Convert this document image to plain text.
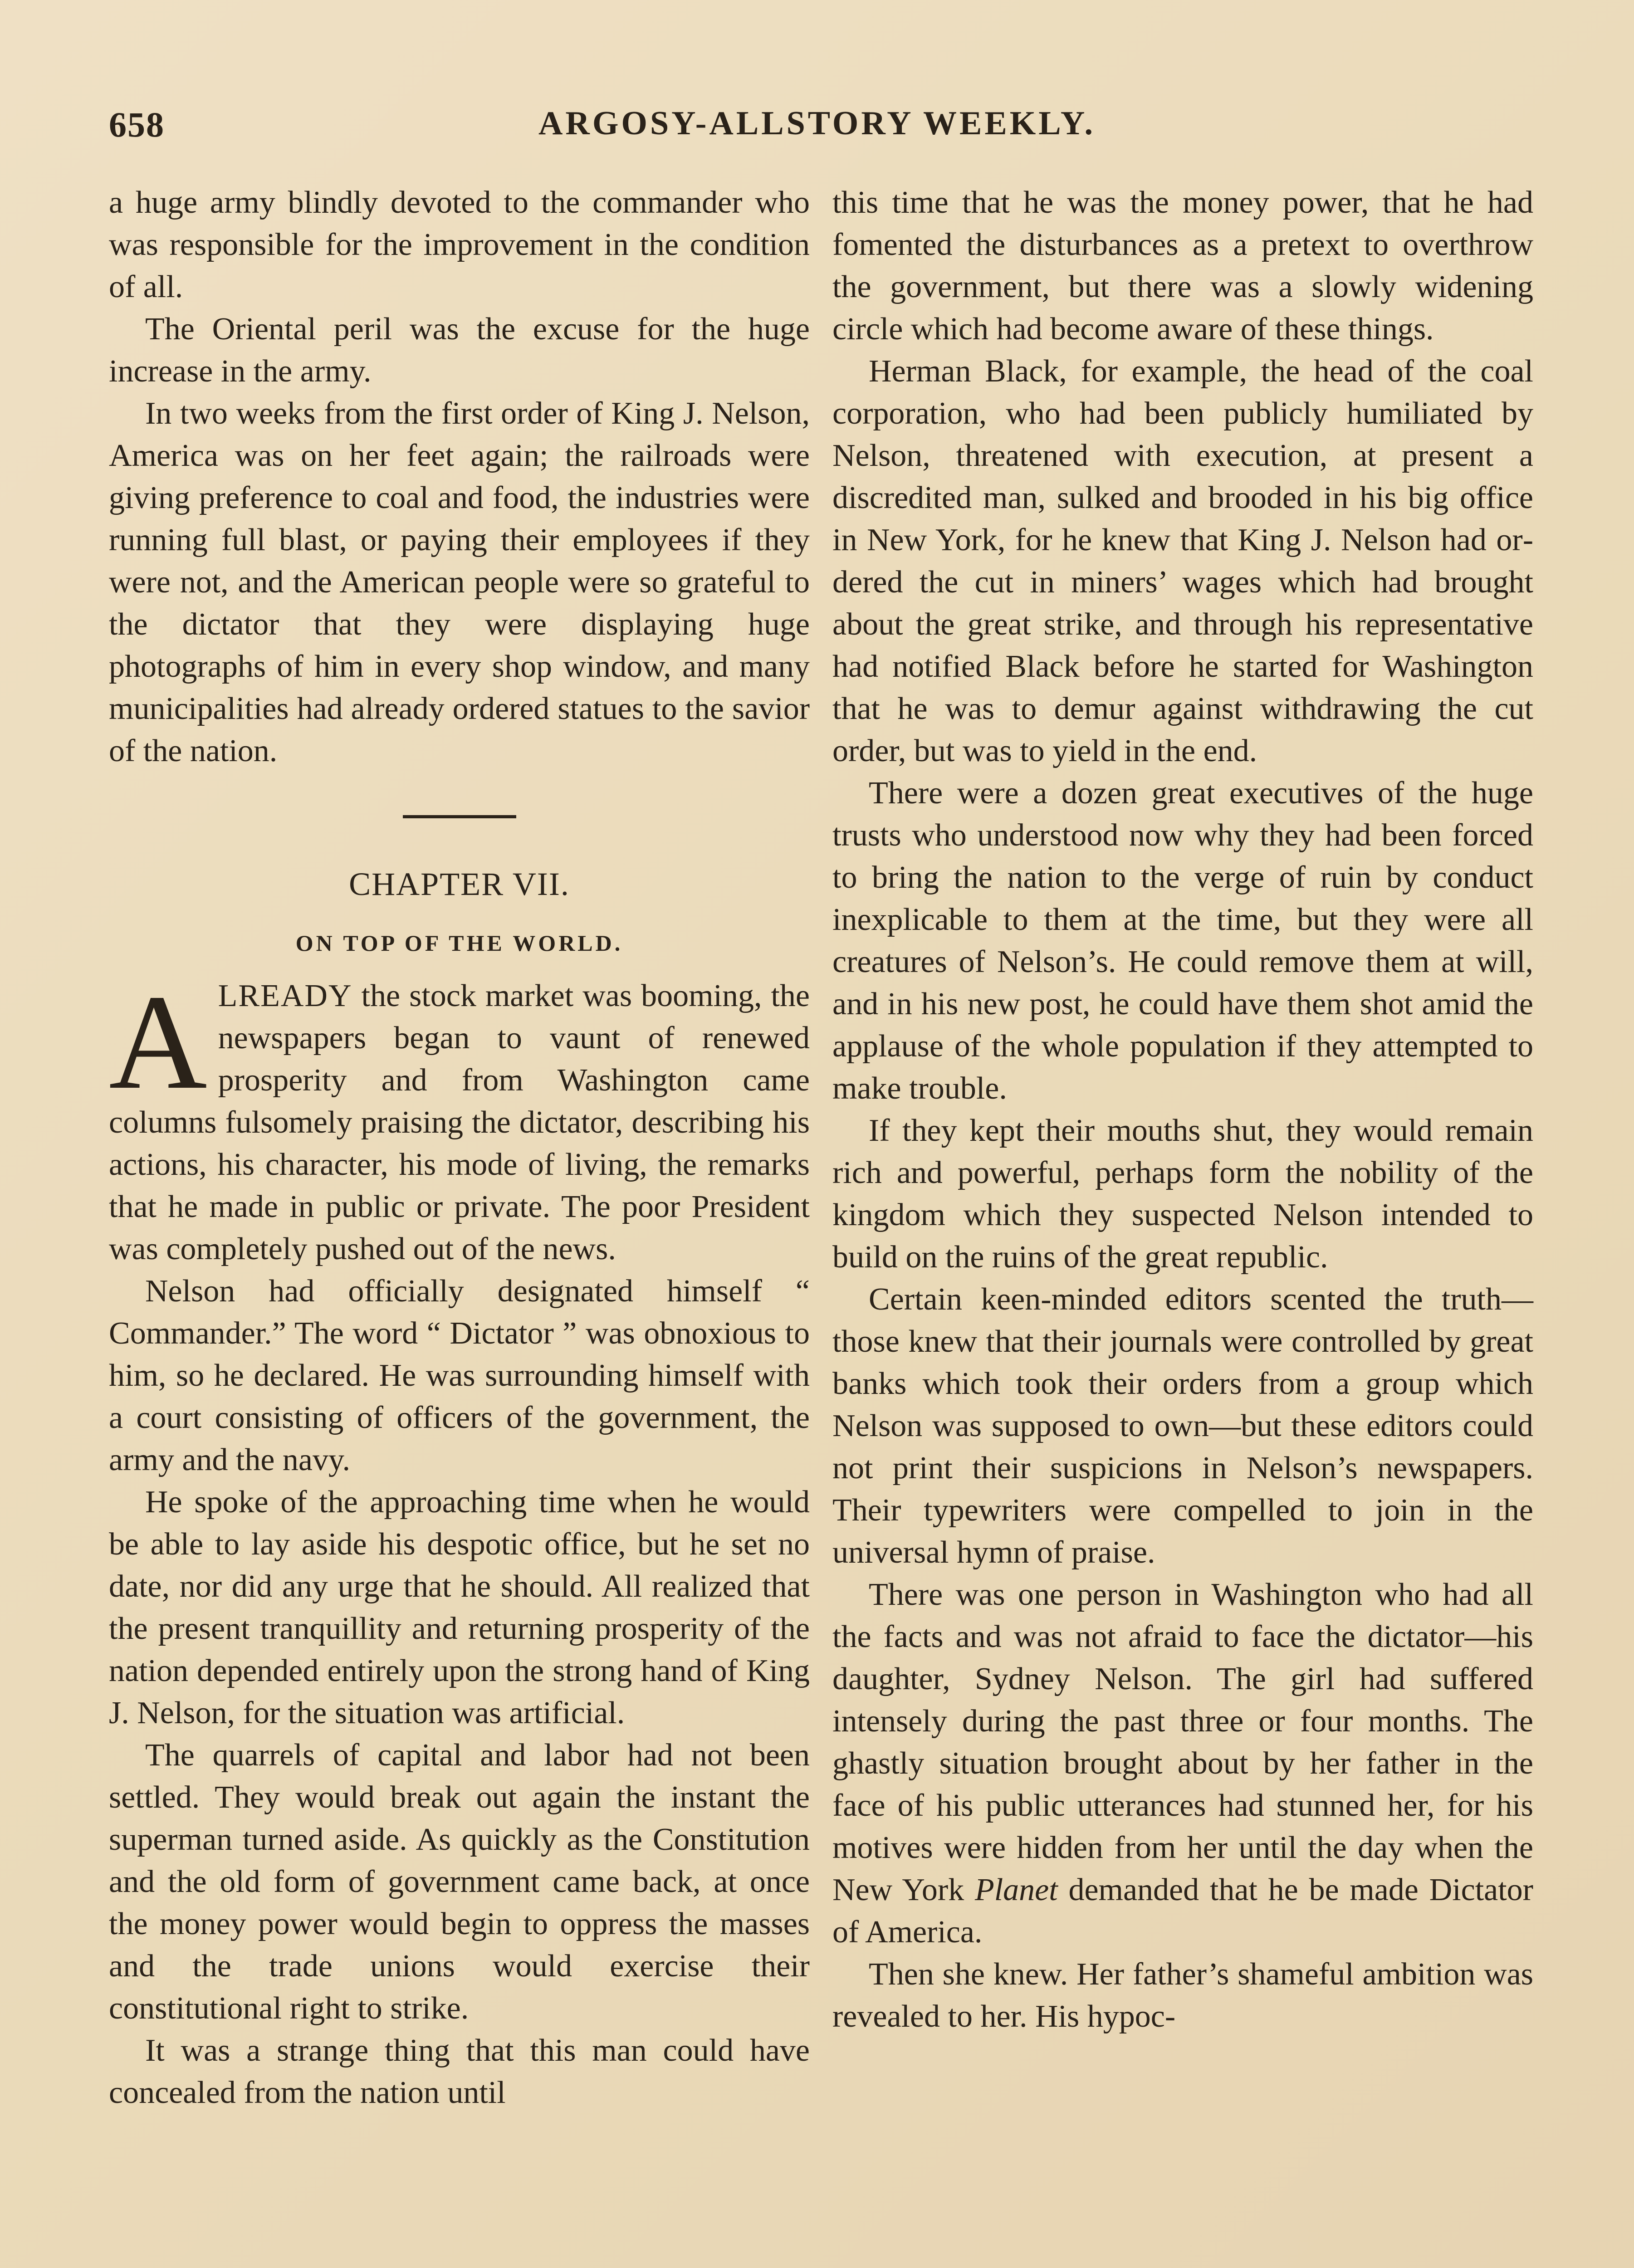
658	ARGOSY-ALLSTORY WEEKLY.

a huge army blindly devoted to the commander who was responsible for the improvement in the condition of all.

The Oriental peril was the excuse for the huge increase in the army.

In two weeks from the first order of King J. Nelson, America was on her feet again; the railroads were giving preference to coal and food, the industries were running full blast, or paying their employees if they were not, and the American people were so grateful to the dictator that they were displaying huge photographs of him in every shop window, and many municipalities had already ordered statues to the savior of the nation.

CHAPTER VII.
ON TOP OF THE WORLD.

ALREADY the stock market was booming, the newspapers began to vaunt of renewed prosperity and from Washington came columns fulsomely praising the dictator, describing his actions, his character, his mode of living, the remarks that he made in public or private. The poor President was completely pushed out of the news.

Nelson had officially designated himself “ Commander.” The word “ Dictator ” was obnoxious to him, so he declared. He was surrounding himself with a court consisting of officers of the government, the army and the navy.

He spoke of the approaching time when he would be able to lay aside his despotic office, but he set no date, nor did any urge that he should. All realized that the present tranquillity and returning prosperity of the nation depended entirely upon the strong hand of King J. Nelson, for the situation was artificial.

The quarrels of capital and labor had not been settled. They would break out again the instant the superman turned aside. As quickly as the Constitution and the old form of government came back, at once the money power would begin to oppress the masses and the trade unions would exercise their constitutional right to strike.

It was a strange thing that this man could have concealed from the nation until

this time that he was the money power, that he had fomented the disturbances as a pretext to overthrow the government, but there was a slowly widening circle which had become aware of these things.

Herman Black, for example, the head of the coal corporation, who had been publicly humiliated by Nelson, threatened with execution, at present a discredited man, sulked and brooded in his big office in New York, for he knew that King J. Nelson had ordered the cut in miners’ wages which had brought about the great strike, and through his representative had notified Black before he started for Washington that he was to demur against withdrawing the cut order, but was to yield in the end.

There were a dozen great executives of the huge trusts who understood now why they had been forced to bring the nation to the verge of ruin by conduct inexplicable to them at the time, but they were all creatures of Nelson’s. He could remove them at will, and in his new post, he could have them shot amid the applause of the whole population if they attempted to make trouble.

If they kept their mouths shut, they would remain rich and powerful, perhaps form the nobility of the kingdom which they suspected Nelson intended to build on the ruins of the great republic.

Certain keen-minded editors scented the truth—those knew that their journals were controlled by great banks which took their orders from a group which Nelson was supposed to own—but these editors could not print their suspicions in Nelson’s newspapers. Their typewriters were compelled to join in the universal hymn of praise.

There was one person in Washington who had all the facts and was not afraid to face the dictator—his daughter, Sydney Nelson. The girl had suffered intensely during the past three or four months. The ghastly situation brought about by her father in the face of his public utterances had stunned her, for his motives were hidden from her until the day when the New York Planet demanded that he be made Dictator of America.

Then she knew. Her father’s shameful ambition was revealed to her. His hypoc-
